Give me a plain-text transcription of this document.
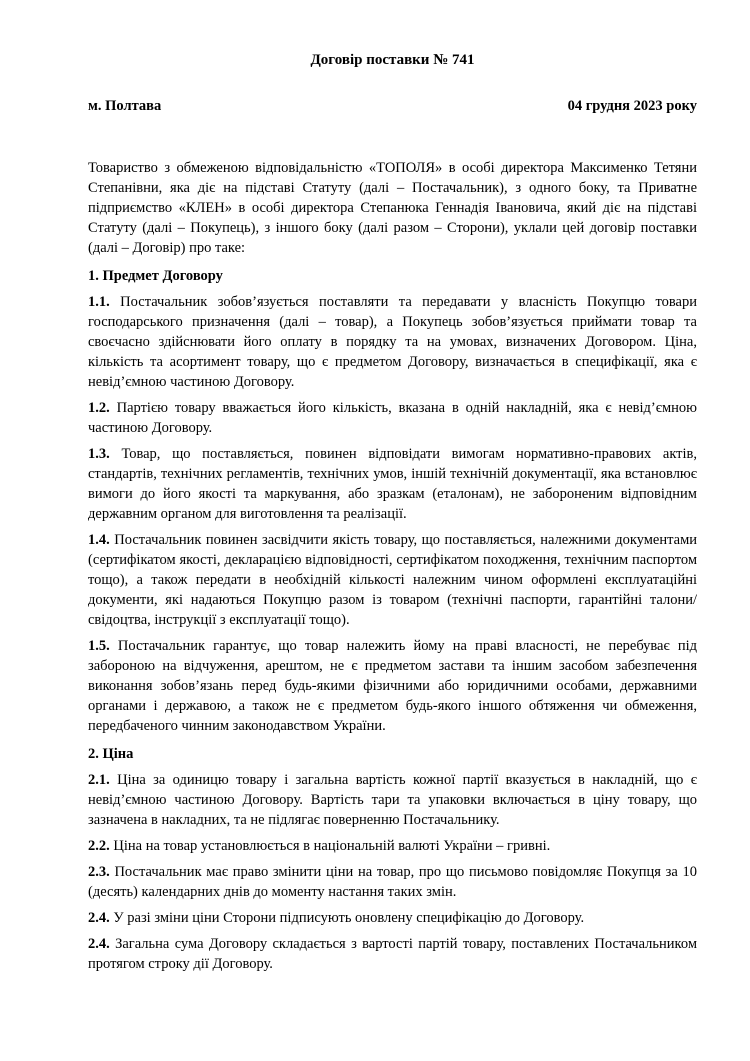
Договір поставки № 741
м. Полтава	04 грудня 2023 року

Товариство з обмеженою відповідальністю «ТОПОЛЯ» в особі директора Максименко Тетяни Степанівни, яка діє на підставі Статуту (далі – Постачальник), з одного боку, та Приватне підприємство «КЛЕН» в особі директора Степанюка Геннадія Івановича, який діє на підставі Статуту (далі – Покупець), з іншого боку (далі разом – Сторони), уклали цей договір поставки (далі – Договір) про таке:

1. Предмет Договору

1.1. Постачальник зобов’язується поставляти та передавати у власність Покупцю товари господарського призначення (далі – товар), а Покупець зобов’язується приймати товар та своєчасно здійснювати його оплату в порядку та на умовах, визначених Договором. Ціна, кількість та асортимент товару, що є предметом Договору, визначається в специфікації, яка є невід’ємною частиною Договору.

1.2. Партією товару вважається його кількість, вказана в одній накладній, яка є невід’ємною частиною Договору.

1.3. Товар, що поставляється, повинен відповідати вимогам нормативно-правових актів, стандартів, технічних регламентів, технічних умов, іншій технічній документації, яка встановлює вимоги до його якості та маркування, або зразкам (еталонам), не забороненим відповідним державним органом для виготовлення та реалізації.

1.4. Постачальник повинен засвідчити якість товару, що поставляється, належними документами (сертифікатом якості, декларацією відповідності, сертифікатом походження, технічним паспортом тощо), а також передати в необхідній кількості належним чином оформлені експлуатаційні документи, які надаються Покупцю разом із товаром (технічні паспорти, гарантійні талони/свідоцтва, інструкції з експлуатації тощо).

1.5. Постачальник гарантує, що товар належить йому на праві власності, не перебуває під забороною на відчуження, арештом, не є предметом застави та іншим засобом забезпечення виконання зобов’язань перед будь-якими фізичними або юридичними особами, державними органами і державою, а також не є предметом будь-якого іншого обтяження чи обмеження, передбаченого чинним законодавством України.

2. Ціна

2.1. Ціна за одиницю товару і загальна вартість кожної партії вказується в накладній, що є невід’ємною частиною Договору. Вартість тари та упаковки включається в ціну товару, що зазначена в накладних, та не підлягає поверненню Постачальнику.

2.2. Ціна на товар установлюється в національній валюті України – гривні.

2.3. Постачальник має право змінити ціни на товар, про що письмово повідомляє Покупця за 10 (десять) календарних днів до моменту настання таких змін.

2.4. У разі зміни ціни Сторони підписують оновлену специфікацію до Договору.

2.4. Загальна сума Договору складається з вартості партій товару, поставлених Постачальником протягом строку дії Договору.
